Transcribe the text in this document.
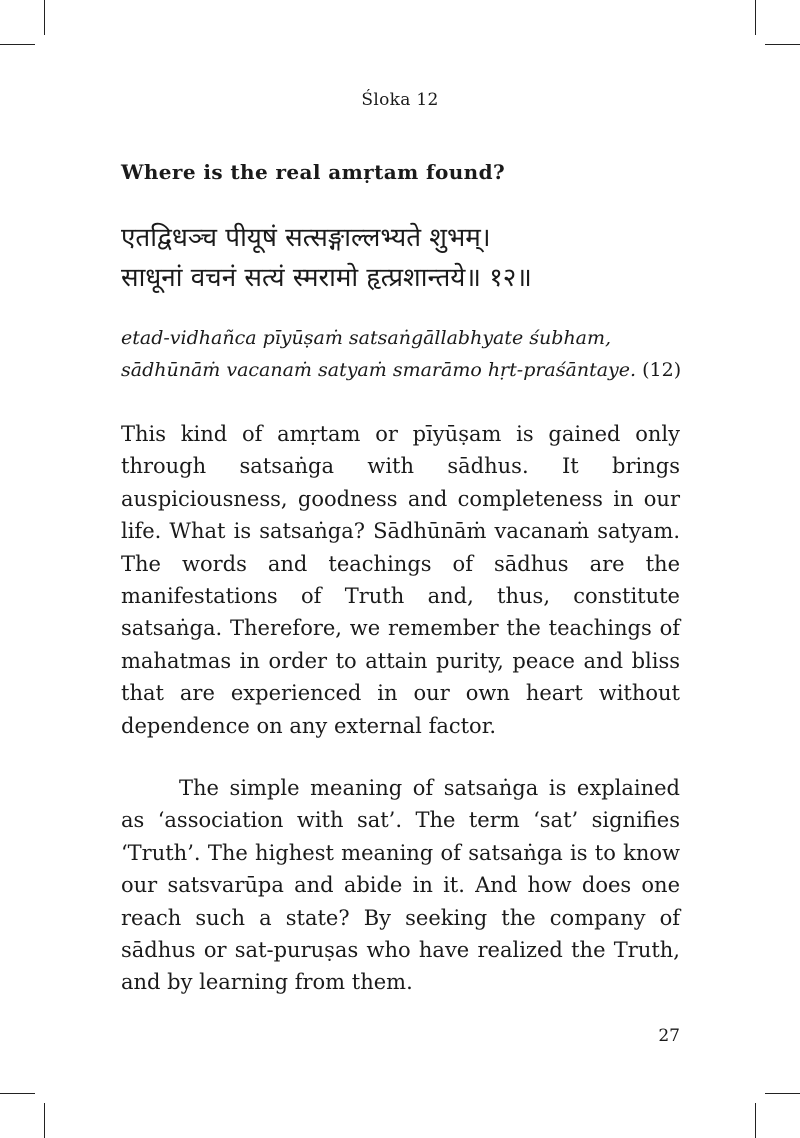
Śloka 12
Where is the real amṛtam found?
एतद्विधञ्च पीयूषं सत्सङ्गाल्लभ्यते शुभम्।
साधूनां वचनं सत्यं स्मरामो हृत्प्रशान्तये॥ १२॥
etad-vidhañca pīyūṣaṁ satsaṅgāllabhyate śubham,
sādhūnāṁ vacanaṁ satyaṁ smarāmo hṛt-praśāntaye. (12)

This kind of amṛtam or pīyūṣam is gained only through satsaṅga with sādhus. It brings auspiciousness, goodness and completeness in our life. What is satsaṅga? Sādhūnāṁ vacanaṁ satyam. The words and teachings of sādhus are the manifestations of Truth and, thus, constitute satsaṅga. Therefore, we remember the teachings of mahatmas in order to attain purity, peace and bliss that are experienced in our own heart without dependence on any external factor.

The simple meaning of satsaṅga is explained as ‘association with sat’. The term ‘sat’ signifies ‘Truth’. The highest meaning of satsaṅga is to know our satsvarūpa and abide in it. And how does one reach such a state? By seeking the company of sādhus or sat-puruṣas who have realized the Truth, and by learning from them.

27
